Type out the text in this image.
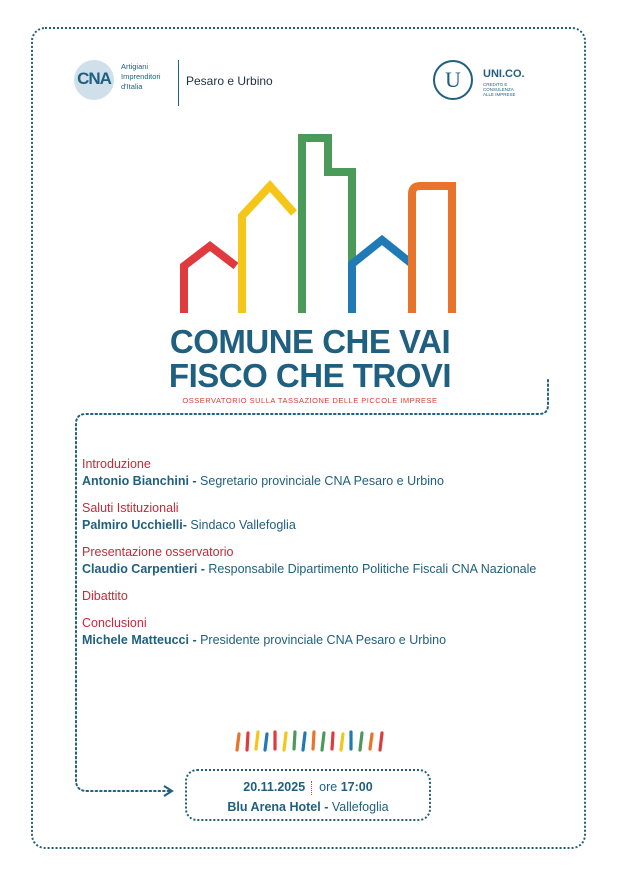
CNA
Artigiani
Imprenditori
d'Italia	Pesaro e Urbino	U	UNI.CO.
CREDITO E CONSULENZA
ALLE IMPRESE
COMUNE CHE VAI
FISCO CHE TROVI
OSSERVATORIO SULLA TASSAZIONE DELLE PICCOLE IMPRESE
Introduzione
Antonio Bianchini - Segretario provinciale CNA Pesaro e Urbino
Saluti Istituzionali
Palmiro Ucchielli- Sindaco Vallefoglia
Presentazione osservatorio
Claudio Carpentieri - Responsabile Dipartimento Politiche Fiscali CNA Nazionale
Dibattito
Conclusioni
Michele Matteucci - Presidente provinciale CNA Pesaro e Urbino
20.11.2025 ore 17:00
Blu Arena Hotel - Vallefoglia
